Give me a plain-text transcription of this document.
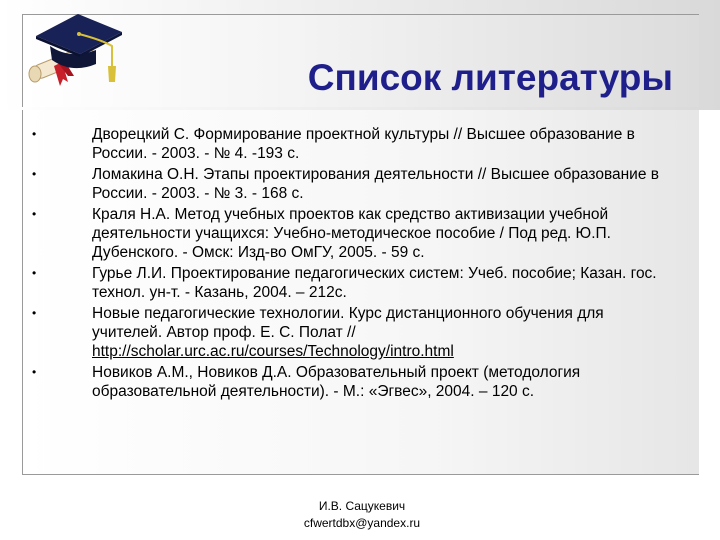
Список литературы
•	Дворецкий С. Формирование проектной культуры // Высшее образование в России. - 2003. - № 4. -193 с.
•	Ломакина О.Н. Этапы проектирования деятельности // Высшее образование в России. - 2003. - № 3. - 168 с.
•	Краля Н.А. Метод учебных проектов как средство активизации учебной деятельности учащихся: Учебно-методическое пособие / Под ред. Ю.П. Дубенского. - Омск: Изд-во ОмГУ, 2005. - 59 с.
•	Гурье Л.И. Проектирование педагогических систем: Учеб. пособие; Казан. гос. технол. ун-т. - Казань, 2004. – 212с.
•	Новые педагогические технологии. Курс дистанционного обучения для учителей. Автор проф. Е. С. Полат // http://scholar.urc.ac.ru/courses/Technology/intro.html
•	Новиков А.М., Новиков Д.А. Образовательный проект (методология образовательной деятельности). - М.: «Эгвес», 2004. – 120 с.
И.В. Сацукевич
cfwertdbx@yandex.ru
